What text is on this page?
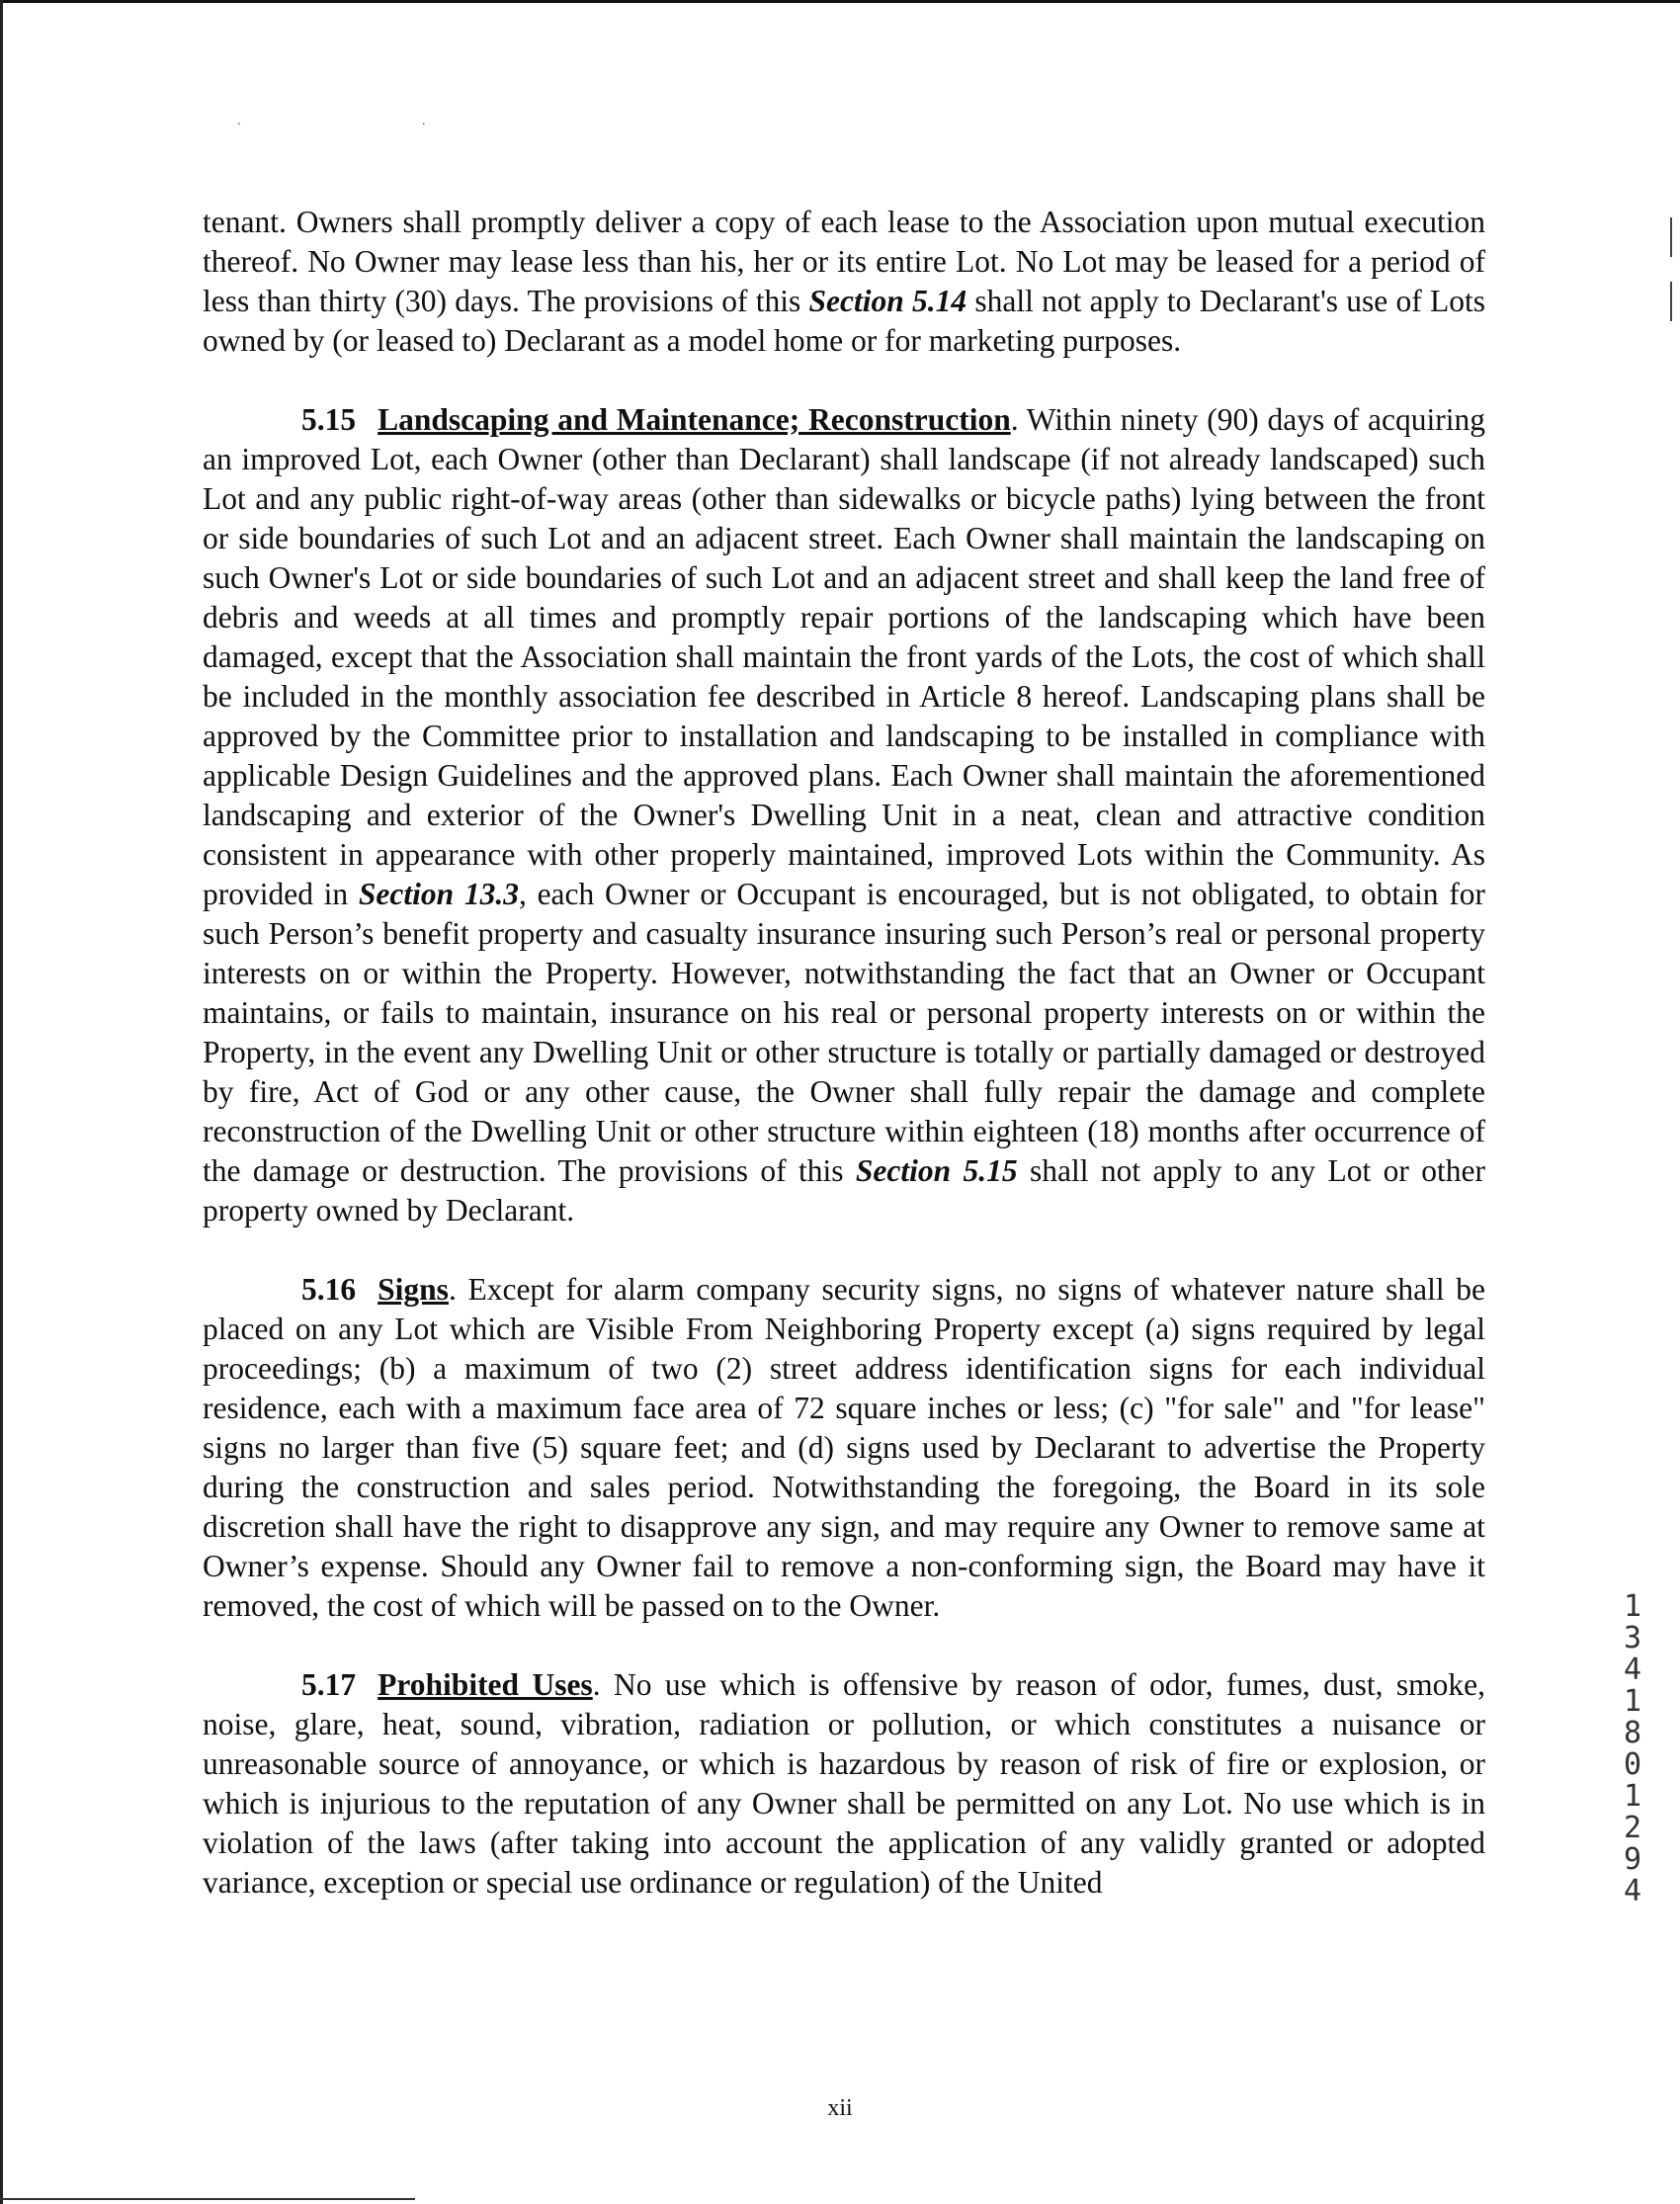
. .

tenant. Owners shall promptly deliver a copy of each lease to the Association upon mutual execution thereof. No Owner may lease less than his, her or its entire Lot. No Lot may be leased for a period of less than thirty (30) days. The provisions of this Section 5.14 shall not apply to Declarant's use of Lots owned by (or leased to) Declarant as a model home or for marketing purposes.

5.15 Landscaping and Maintenance; Reconstruction. Within ninety (90) days of acquiring an improved Lot, each Owner (other than Declarant) shall landscape (if not already landscaped) such Lot and any public right-of-way areas (other than sidewalks or bicycle paths) lying between the front or side boundaries of such Lot and an adjacent street. Each Owner shall maintain the landscaping on such Owner's Lot or side boundaries of such Lot and an adjacent street and shall keep the land free of debris and weeds at all times and promptly repair portions of the landscaping which have been damaged, except that the Association shall maintain the front yards of the Lots, the cost of which shall be included in the monthly association fee described in Article 8 hereof. Landscaping plans shall be approved by the Committee prior to installation and landscaping to be installed in compliance with applicable Design Guidelines and the approved plans. Each Owner shall maintain the aforementioned landscaping and exterior of the Owner's Dwelling Unit in a neat, clean and attractive condition consistent in appearance with other properly maintained, improved Lots within the Community. As provided in Section 13.3, each Owner or Occupant is encouraged, but is not obligated, to obtain for such Person’s benefit property and casualty insurance insuring such Person’s real or personal property interests on or within the Property. However, notwithstanding the fact that an Owner or Occupant maintains, or fails to maintain, insurance on his real or personal property interests on or within the Property, in the event any Dwelling Unit or other structure is totally or partially damaged or destroyed by fire, Act of God or any other cause, the Owner shall fully repair the damage and complete reconstruction of the Dwelling Unit or other structure within eighteen (18) months after occurrence of the damage or destruction. The provisions of this Section 5.15 shall not apply to any Lot or other property owned by Declarant.

5.16 Signs. Except for alarm company security signs, no signs of whatever nature shall be placed on any Lot which are Visible From Neighboring Property except (a) signs required by legal proceedings; (b) a maximum of two (2) street address identification signs for each individual residence, each with a maximum face area of 72 square inches or less; (c) "for sale" and "for lease" signs no larger than five (5) square feet; and (d) signs used by Declarant to advertise the Property during the construction and sales period. Notwithstanding the foregoing, the Board in its sole discretion shall have the right to disapprove any sign, and may require any Owner to remove same at Owner’s expense. Should any Owner fail to remove a non-conforming sign, the Board may have it removed, the cost of which will be passed on to the Owner.

5.17 Prohibited Uses. No use which is offensive by reason of odor, fumes, dust, smoke, noise, glare, heat, sound, vibration, radiation or pollution, or which constitutes a nuisance or unreasonable source of annoyance, or which is hazardous by reason of risk of fire or explosion, or which is injurious to the reputation of any Owner shall be permitted on any Lot. No use which is in violation of the laws (after taking into account the application of any validly granted or adopted variance, exception or special use ordinance or regulation) of the United

13418 01294
xii
